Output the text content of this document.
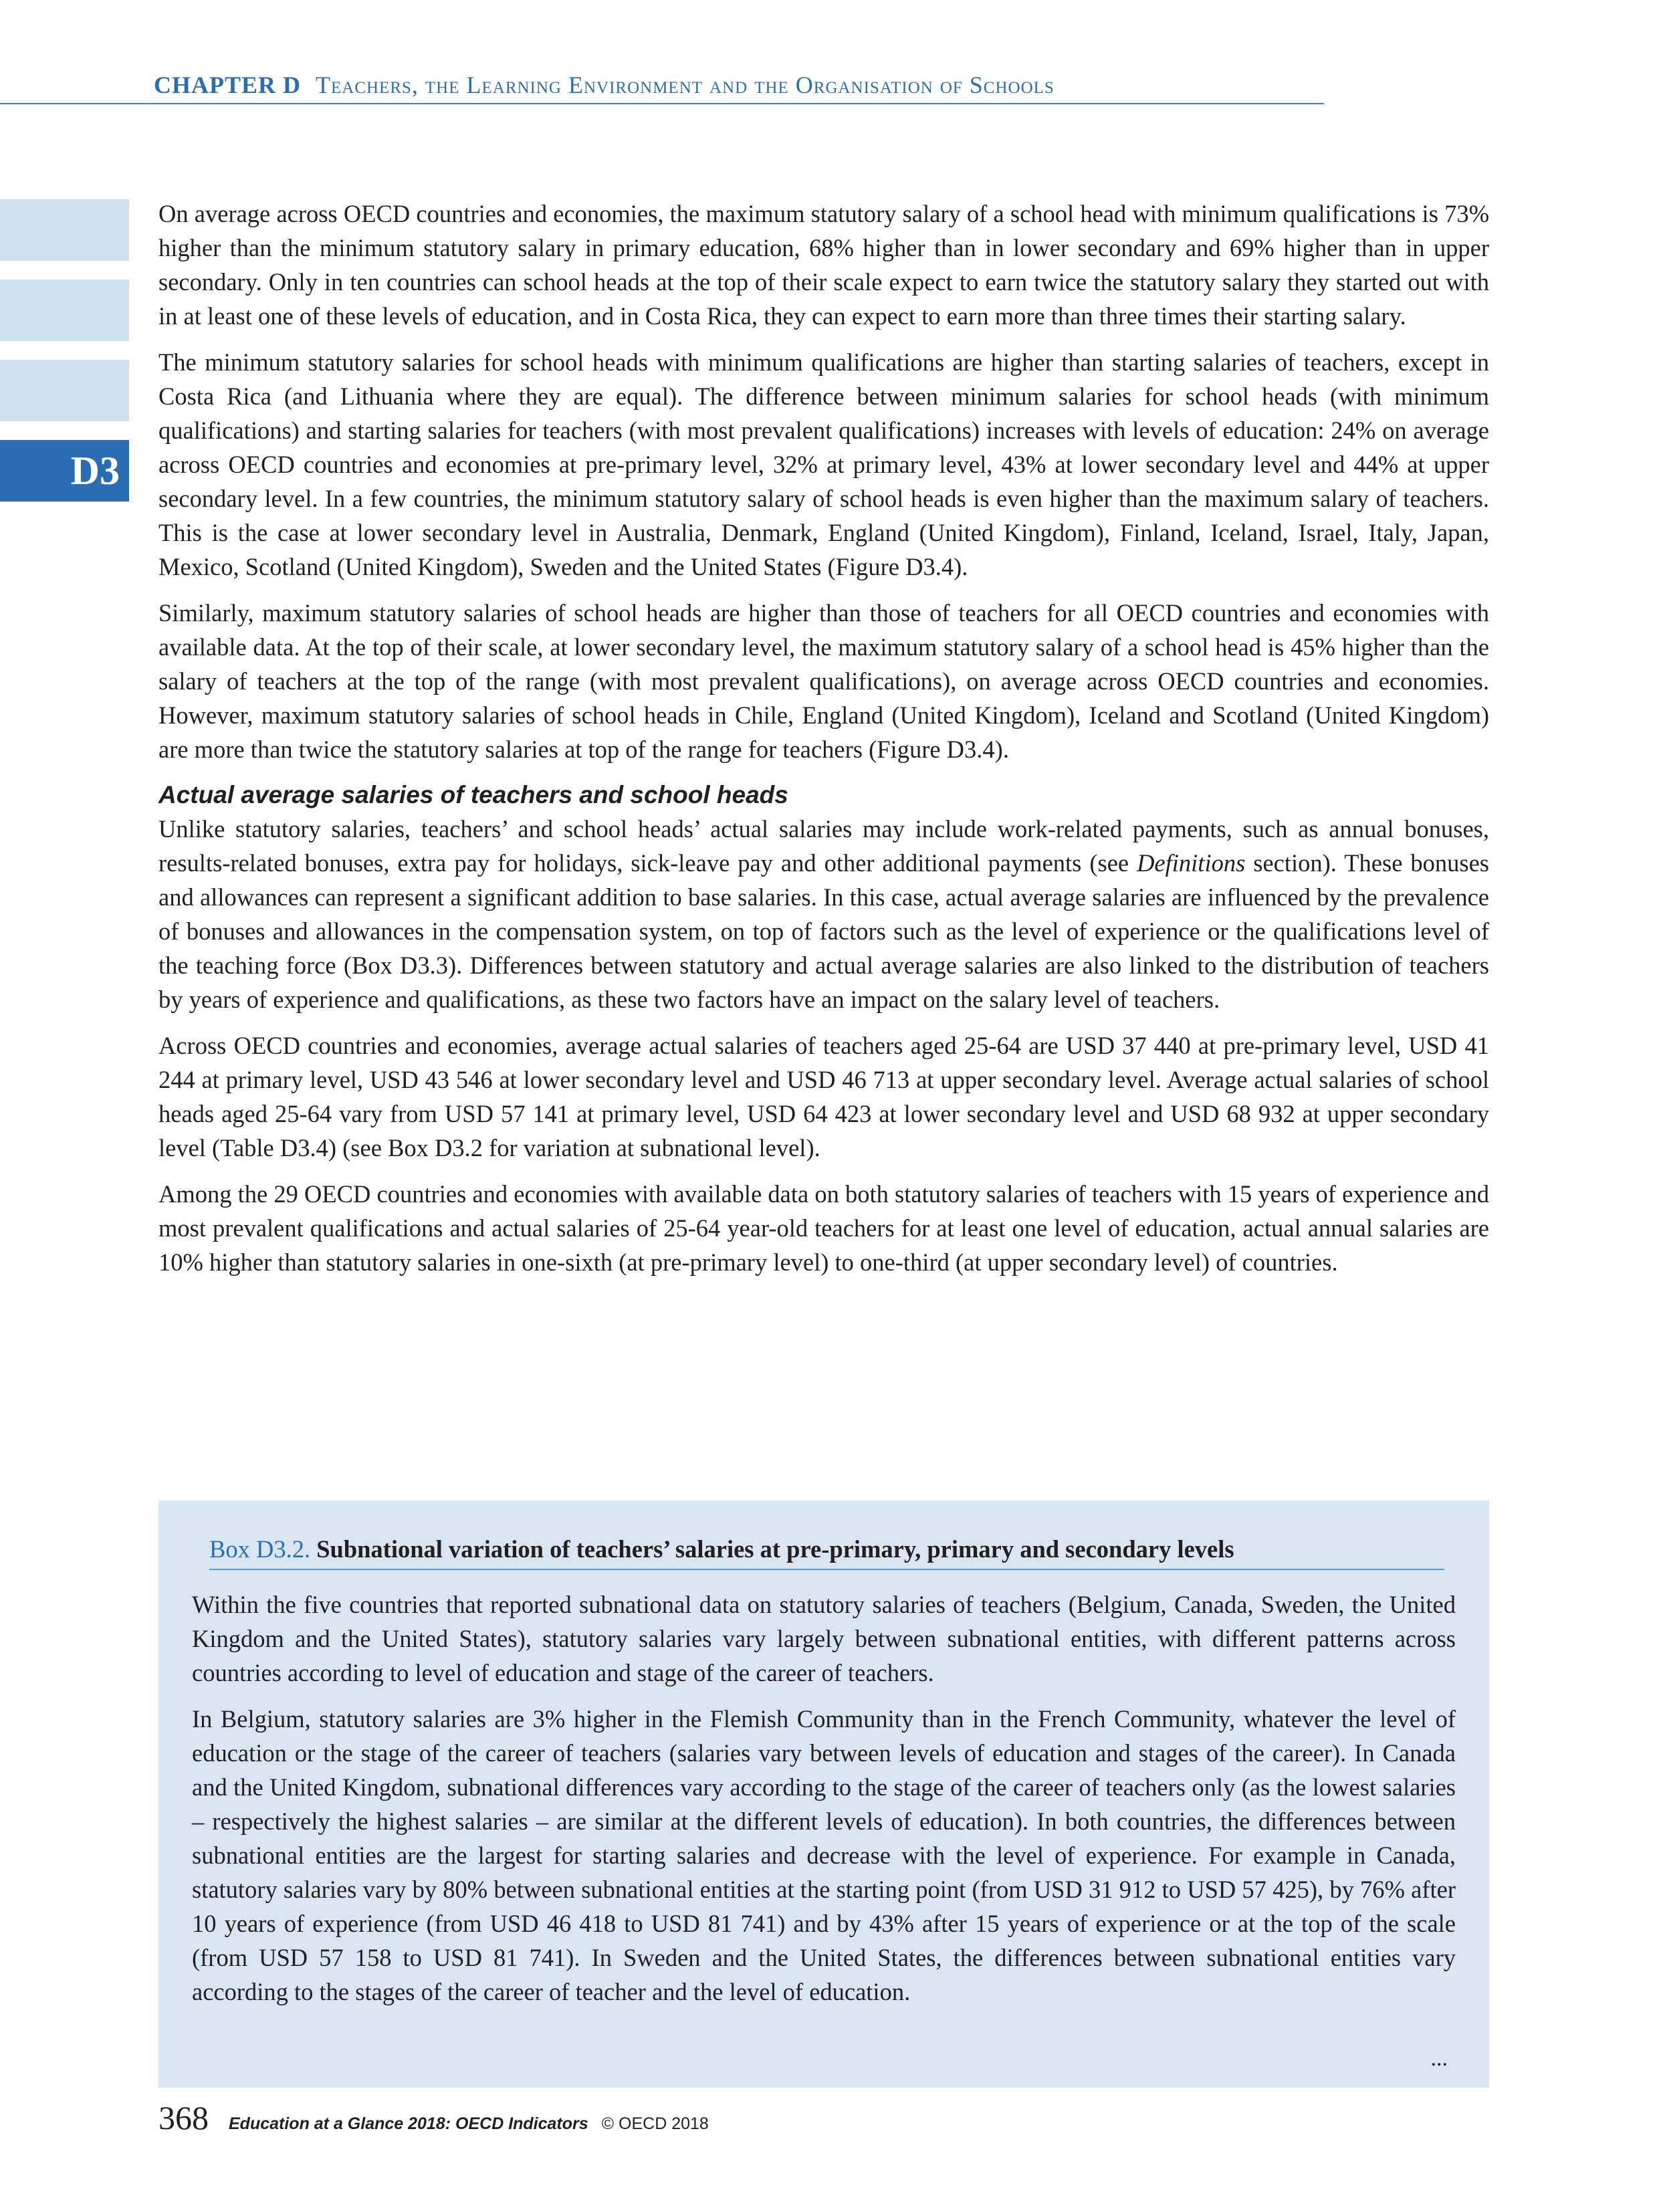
CHAPTER D Teachers, the Learning Environment and the Organisation of Schools
D3

On average across OECD countries and economies, the maximum statutory salary of a school head with minimum qualifications is 73% higher than the minimum statutory salary in primary education, 68% higher than in lower secondary and 69% higher than in upper secondary. Only in ten countries can school heads at the top of their scale expect to earn twice the statutory salary they started out with in at least one of these levels of education, and in Costa Rica, they can expect to earn more than three times their starting salary.

The minimum statutory salaries for school heads with minimum qualifications are higher than starting salaries of teachers, except in Costa Rica (and Lithuania where they are equal). The difference between minimum salaries for school heads (with minimum qualifications) and starting salaries for teachers (with most prevalent qualifications) increases with levels of education: 24% on average across OECD countries and economies at pre-primary level, 32% at primary level, 43% at lower secondary level and 44% at upper secondary level. In a few countries, the minimum statutory salary of school heads is even higher than the maximum salary of teachers. This is the case at lower secondary level in Australia, Denmark, England (United Kingdom), Finland, Iceland, Israel, Italy, Japan, Mexico, Scotland (United Kingdom), Sweden and the United States (Figure D3.4).

Similarly, maximum statutory salaries of school heads are higher than those of teachers for all OECD countries and economies with available data. At the top of their scale, at lower secondary level, the maximum statutory salary of a school head is 45% higher than the salary of teachers at the top of the range (with most prevalent qualifications), on average across OECD countries and economies. However, maximum statutory salaries of school heads in Chile, England (United Kingdom), Iceland and Scotland (United Kingdom) are more than twice the statutory salaries at top of the range for teachers (Figure D3.4).

Actual average salaries of teachers and school heads

Unlike statutory salaries, teachers’ and school heads’ actual salaries may include work-related payments, such as annual bonuses, results-related bonuses, extra pay for holidays, sick-leave pay and other additional payments (see Definitions section). These bonuses and allowances can represent a significant addition to base salaries. In this case, actual average salaries are influenced by the prevalence of bonuses and allowances in the compensation system, on top of factors such as the level of experience or the qualifications level of the teaching force (Box D3.3). Differences between statutory and actual average salaries are also linked to the distribution of teachers by years of experience and qualifications, as these two factors have an impact on the salary level of teachers.

Across OECD countries and economies, average actual salaries of teachers aged 25-64 are USD 37 440 at pre-primary level, USD 41 244 at primary level, USD 43 546 at lower secondary level and USD 46 713 at upper secondary level. Average actual salaries of school heads aged 25-64 vary from USD 57 141 at primary level, USD 64 423 at lower secondary level and USD 68 932 at upper secondary level (Table D3.4) (see Box D3.2 for variation at subnational level).

Among the 29 OECD countries and economies with available data on both statutory salaries of teachers with 15 years of experience and most prevalent qualifications and actual salaries of 25-64 year-old teachers for at least one level of education, actual annual salaries are 10% higher than statutory salaries in one-sixth (at pre-primary level) to one-third (at upper secondary level) of countries.

Box D3.2. Subnational variation of teachers’ salaries at pre-primary, primary and secondary levels

Within the five countries that reported subnational data on statutory salaries of teachers (Belgium, Canada, Sweden, the United Kingdom and the United States), statutory salaries vary largely between subnational entities, with different patterns across countries according to level of education and stage of the career of teachers.

In Belgium, statutory salaries are 3% higher in the Flemish Community than in the French Community, whatever the level of education or the stage of the career of teachers (salaries vary between levels of education and stages of the career). In Canada and the United Kingdom, subnational differences vary according to the stage of the career of teachers only (as the lowest salaries – respectively the highest salaries – are similar at the different levels of education). In both countries, the differences between subnational entities are the largest for starting salaries and decrease with the level of experience. For example in Canada, statutory salaries vary by 80% between subnational entities at the starting point (from USD 31 912 to USD 57 425), by 76% after 10 years of experience (from USD 46 418 to USD 81 741) and by 43% after 15 years of experience or at the top of the scale (from USD 57 158 to USD 81 741). In Sweden and the United States, the differences between subnational entities vary according to the stages of the career of teacher and the level of education.

...
368 Education at a Glance 2018: OECD Indicators © OECD 2018
